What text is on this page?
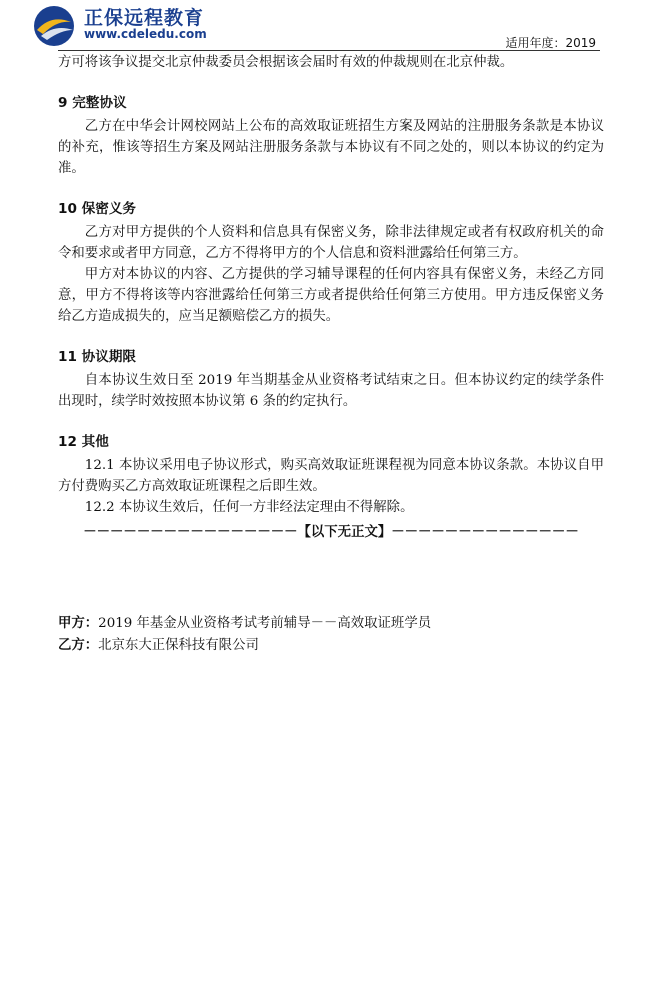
正保远程教育
www.cdeledu.com
适用年度：2019

方可将该争议提交北京仲裁委员会根据该会届时有效的仲裁规则在北京仲裁。

9 完整协议

乙方在中华会计网校网站上公布的高效取证班招生方案及网站的注册服务条款是本协议的补充，惟该等招生方案及网站注册服务条款与本协议有不同之处的，则以本协议的约定为准。

10 保密义务

乙方对甲方提供的个人资料和信息具有保密义务，除非法律规定或者有权政府机关的命令和要求或者甲方同意，乙方不得将甲方的个人信息和资料泄露给任何第三方。

甲方对本协议的内容、乙方提供的学习辅导课程的任何内容具有保密义务，未经乙方同意，甲方不得将该等内容泄露给任何第三方或者提供给任何第三方使用。甲方违反保密义务给乙方造成损失的，应当足额赔偿乙方的损失。

11 协议期限

自本协议生效日至 2019 年当期基金从业资格考试结束之日。但本协议约定的续学条件出现时，续学时效按照本协议第 6 条的约定执行。

12 其他

12.1 本协议采用电子协议形式，购买高效取证班课程视为同意本协议条款。本协议自甲方付费购买乙方高效取证班课程之后即生效。

12.2 本协议生效后，任何一方非经法定理由不得解除。

－－－－－－－－－－－－－－－－【以下无正文】－－－－－－－－－－－－－－
甲方：2019 年基金从业资格考试考前辅导－－高效取证班学员
乙方：北京东大正保科技有限公司
